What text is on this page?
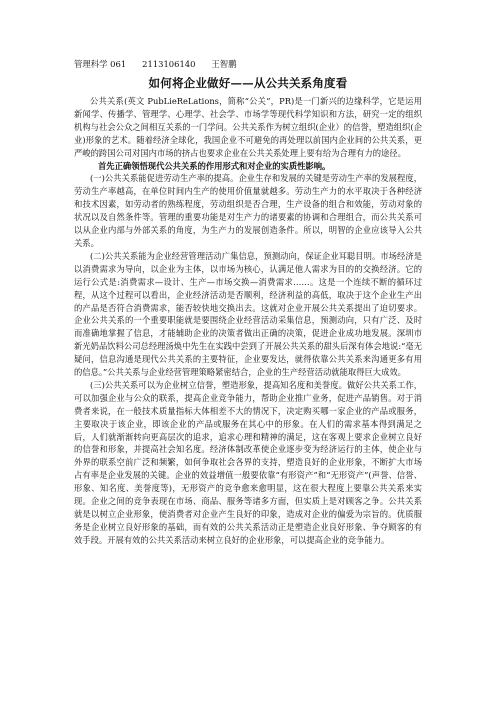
管理科学 061 2113106140 王智鹏

如何将企业做好——从公共关系角度看

公共关系(英文 PubLieReLations，简称“公关”，PR)是一门新兴的边缘科学，它是运用新闻学、传播学、管理学、心理学、社会学、市场学等现代科学知识和方法，研究一定的组织机构与社会公众之间相互关系的一门学问。公共关系作为树立组织(企业）的信誉，塑造组织(企业)形象的艺术。随着经济全球化，我国企业不可避免的再处理以前国内企业间的公共关系，更严峻的跨国公司对国内市场的挤占也要求企业在公共关系处理上要有给为合理有力的途径。

首先正确领悟现代公共关系的作用形式和对企业的实质性影响。

(一)公共关系能促进劳动生产率的提高。企业生存和发展的关键是劳动生产率的发展程度，劳动生产率越高，在单位时间内生产的使用价值量就越多。劳动生产力的水平取决于各种经济和技术因素，如劳动者的熟练程度，劳动组织是否合理，生产设备的组合和效能，劳动对象的状况以及自然条件等。管理的重要功能是对生产力的诸要素的协调和合理组合，而公共关系可以从企业内部与外部关系的角度，为生产力的发展创造条件。所以，明智的企业应该导入公共关系。

(二)公共关系能为企业经营管理活动广集信息，预测动向，保证企业耳聪目明。市场经济是以消费需求为导向，以企业为主体，以市场为核心，认满足他人需求为目的的交换经济。它的运行公式是:消费需求—设计、生产—市场交换—消费需求……。这是一个连续不断的循环过程，从这个过程可以看出，企业经济活动是否顺利，经济利益的高低，取决于这个企业生产出的产品是否符合消费需求，能否较快地交换出去。这就对企业开展公共关系提出了迫切要求。企业公共关系的一个重要职能就是要围绕企业经营活动采集信息，预测动向，只有广泛、及时而准确地掌握了信息，才能辅助企业的决策者做出正确的决策，促进企业成功地发展。深圳市新光奶品饮料公司总经理汤焕中先生在实践中尝到了开展公共关系的甜头后深有体会地说:“毫无疑问，信息沟通是现代公共关系的主要特征，企业要发达，就得依靠公共关系来沟通更多有用的信息。”公共关系与企业经营管理策略紧密结合，企业的生产经营活动就能取得巨大成效。

(三)公共关系可以为企业树立信誉，塑造形象，提高知名度和美誉度。做好公共关系工作，可以加强企业与公众的联系，提高企业竞争能力，帮助企业推广业务，促进产品销售。对于消费者来说，在一般技术质量指标大体相差不大的情况下，决定购买哪一家企业的产品或服务，主要取决于该企业，即该企业的产品或服务在其心中的形象。在人们的需求基本得到满足之后，人们就渐渐转向更高层次的追求，追求心理和精神的满足，这在客观上要求企业树立良好的信誉和形象，并提高社会知名度。经济体制改革使企业逐步变为经济运行的主体，使企业与外界的联系空前广泛和频繁，如何争取社会各界的支持，塑造良好的企业形象，不断扩大市场占有率是企业发展的关键。企业的效益增值一般要依靠“有形资产”和“无形资产”(声誉、信誉、形象、知名度、美誉度等)，无形资产的竞争愈来愈明显，这在很大程度上要靠公共关系来实现。企业之间的竞争表现在市场、商品、服务等诸多方面，但实质上是对顾客之争。公共关系就是以树立企业形象，使消费者对企业产生良好的印象，造成对企业的偏爱为宗旨的。优质服务是企业树立良好形象的基础，而有效的公共关系活动正是塑造企业良好形象、争夺顾客的有效手段。开展有效的公共关系活动来树立良好的企业形象，可以提高企业的竞争能力。
